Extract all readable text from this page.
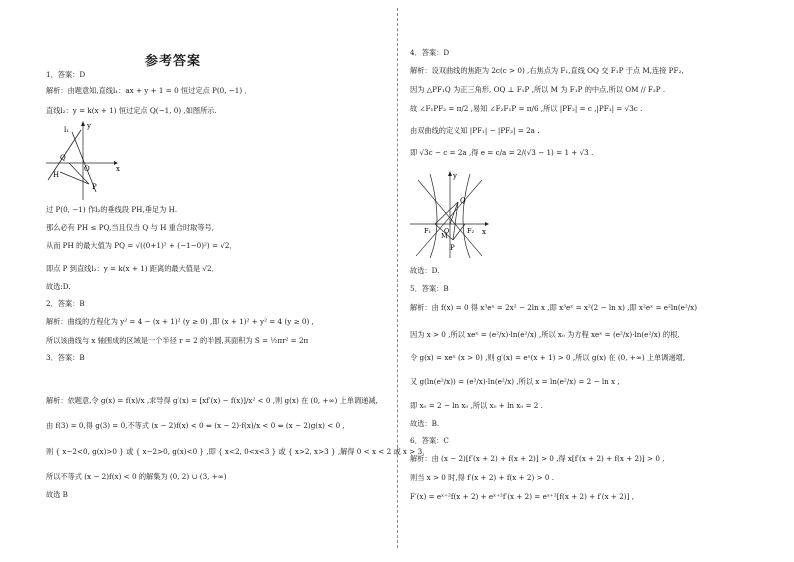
参考答案
1．答案：D
解析：由题意知,直线l₁：ax + y + 1 = 0 恒过定点 P(0, −1) ．
直线l₂：y = k(x + 1) 恒过定点 Q(−1, 0) ,如图所示.
l₁	y
Q
O	x
H
P
过 P(0, −1) 作l₂的垂线段 PH,垂足为 H.
那么必有 PH ≤ PQ,当且仅当 Q 与 H 重合时取等号,
从而 PH 的最大值为 PQ = √((0+1)² + (−1−0)²) = √2．
即点 P 到直线l₂：y = k(x + 1) 距离的最大值是 √2．
故选:D.
2．答案：B
解析：曲线的方程化为 y² = 4 − (x + 1)² (y ≥ 0) ,即 (x + 1)² + y² = 4 (y ≥ 0) ,
所以该曲线与 x 轴围成的区域是一个半径 r = 2 的半圆,其面积为 S = ½πr² = 2π
3．答案：B
解析：依题意,令 g(x) = f(x)/x ,求导得 g′(x) = [xf′(x) − f(x)]/x² < 0 ,则 g(x) 在 (0, +∞) 上单调递减,
由 f(3) = 0,得 g(3) = 0,不等式 (x − 2)f(x) < 0 ⇔ (x − 2)·f(x)/x < 0 ⇔ (x − 2)g(x) < 0 ,
则 { x−2<0, g(x)>0 } 或 { x−2>0, g(x)<0 } ,即 { x<2, 0<x<3 } 或 { x>2, x>3 } ,解得 0 < x < 2 或 x > 3．
所以不等式 (x − 2)f(x) < 0 的解集为 (0, 2) ∪ (3, +∞)
故选 B
4．答案：D
解析：设双曲线的焦距为 2c(c > 0) ,右焦点为 F₁,直线 OQ 交 F₁P 于点 M,连接 PF₂,
因为 △PF₁Q 为正三角形, OQ ⊥ F₁P ,所以 M 为 F₁P 的中点,所以 OM // F₂P .
故 ∠F₁PF₂ = π/2 ,易知 ∠F₂F₁P = π/6 ,所以 |PF₂| = c ,|PF₁| = √3c .
由双曲线的定义知 |PF₁| − |PF₂| = 2a .
即 √3c − c = 2a ,得 e = c/a = 2/(√3 − 1) = 1 + √3 .
y
Q
F₁ O	F₂
M
P
x
故选：D.
5．答案：B
解析：由 f(x) = 0 得 x³eˣ = 2x² − 2ln x ,即 x³eˣ = x²(2 − ln x) ,即 x²eˣ = e²ln(e²/x)
因为 x > 0 ,所以 xeˣ = (e²/x)·ln(e²/x) ,所以 x₀ 为方程 xeˣ = (e²/x)·ln(e²/x) 的根,
令 g(x) = xeˣ (x > 0) ,则 g′(x) = eˣ(x + 1) > 0 ,所以 g(x) 在 (0, +∞) 上单调递增,
又 g(ln(e²/x)) = (e²/x)·ln(e²/x) ,所以 x = ln(e²/x) = 2 − ln x ,
即 x₀ = 2 − ln x₀ ,所以 x₀ + ln x₀ = 2 .
故选：B.
6．答案：C
解析：由 (x − 2)[f′(x + 2) + f(x + 2)] > 0 ,得 x[f′(x + 2) + f(x + 2)] > 0 ,
则当 x > 0 时,得 f′(x + 2) + f(x + 2) > 0 .
F′(x) = eˣ⁺²f(x + 2) + eˣ⁺²f′(x + 2) = eˣ⁺²[f(x + 2) + f′(x + 2)] ,
